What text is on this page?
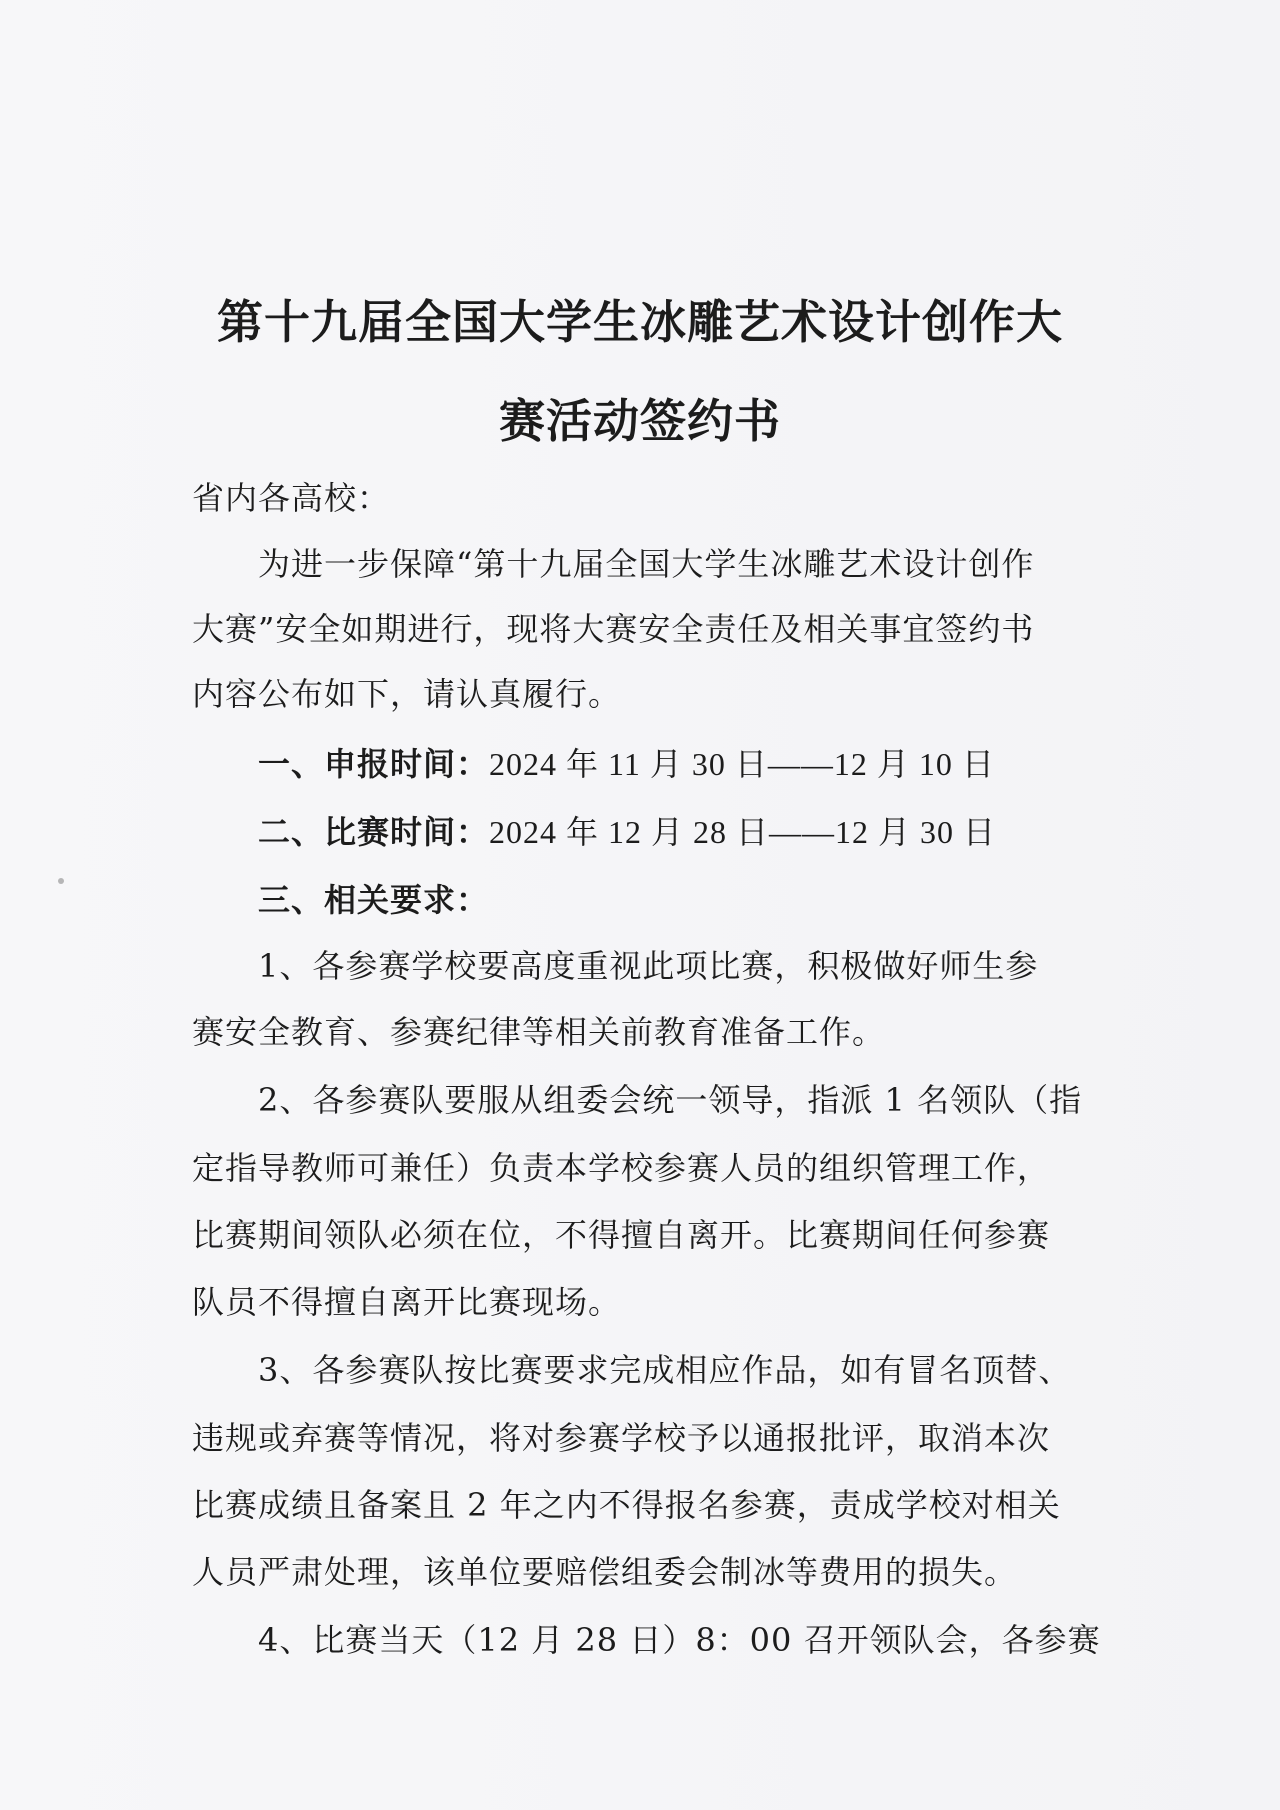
第十九届全国大学生冰雕艺术设计创作大
赛活动签约书
省内各高校：
为进一步保障“第十九届全国大学生冰雕艺术设计创作
大赛”安全如期进行，现将大赛安全责任及相关事宜签约书
内容公布如下，请认真履行。
一、申报时间：2024 年 11 月 30 日——12 月 10 日
二、比赛时间：2024 年 12 月 28 日——12 月 30 日
三、相关要求：
1、各参赛学校要高度重视此项比赛，积极做好师生参
赛安全教育、参赛纪律等相关前教育准备工作。
2、各参赛队要服从组委会统一领导，指派 1 名领队（指
定指导教师可兼任）负责本学校参赛人员的组织管理工作，
比赛期间领队必须在位，不得擅自离开。比赛期间任何参赛
队员不得擅自离开比赛现场。
3、各参赛队按比赛要求完成相应作品，如有冒名顶替、
违规或弃赛等情况，将对参赛学校予以通报批评，取消本次
比赛成绩且备案且 2 年之内不得报名参赛，责成学校对相关
人员严肃处理，该单位要赔偿组委会制冰等费用的损失。
4、比赛当天（12 月 28 日）8：00 召开领队会，各参赛
